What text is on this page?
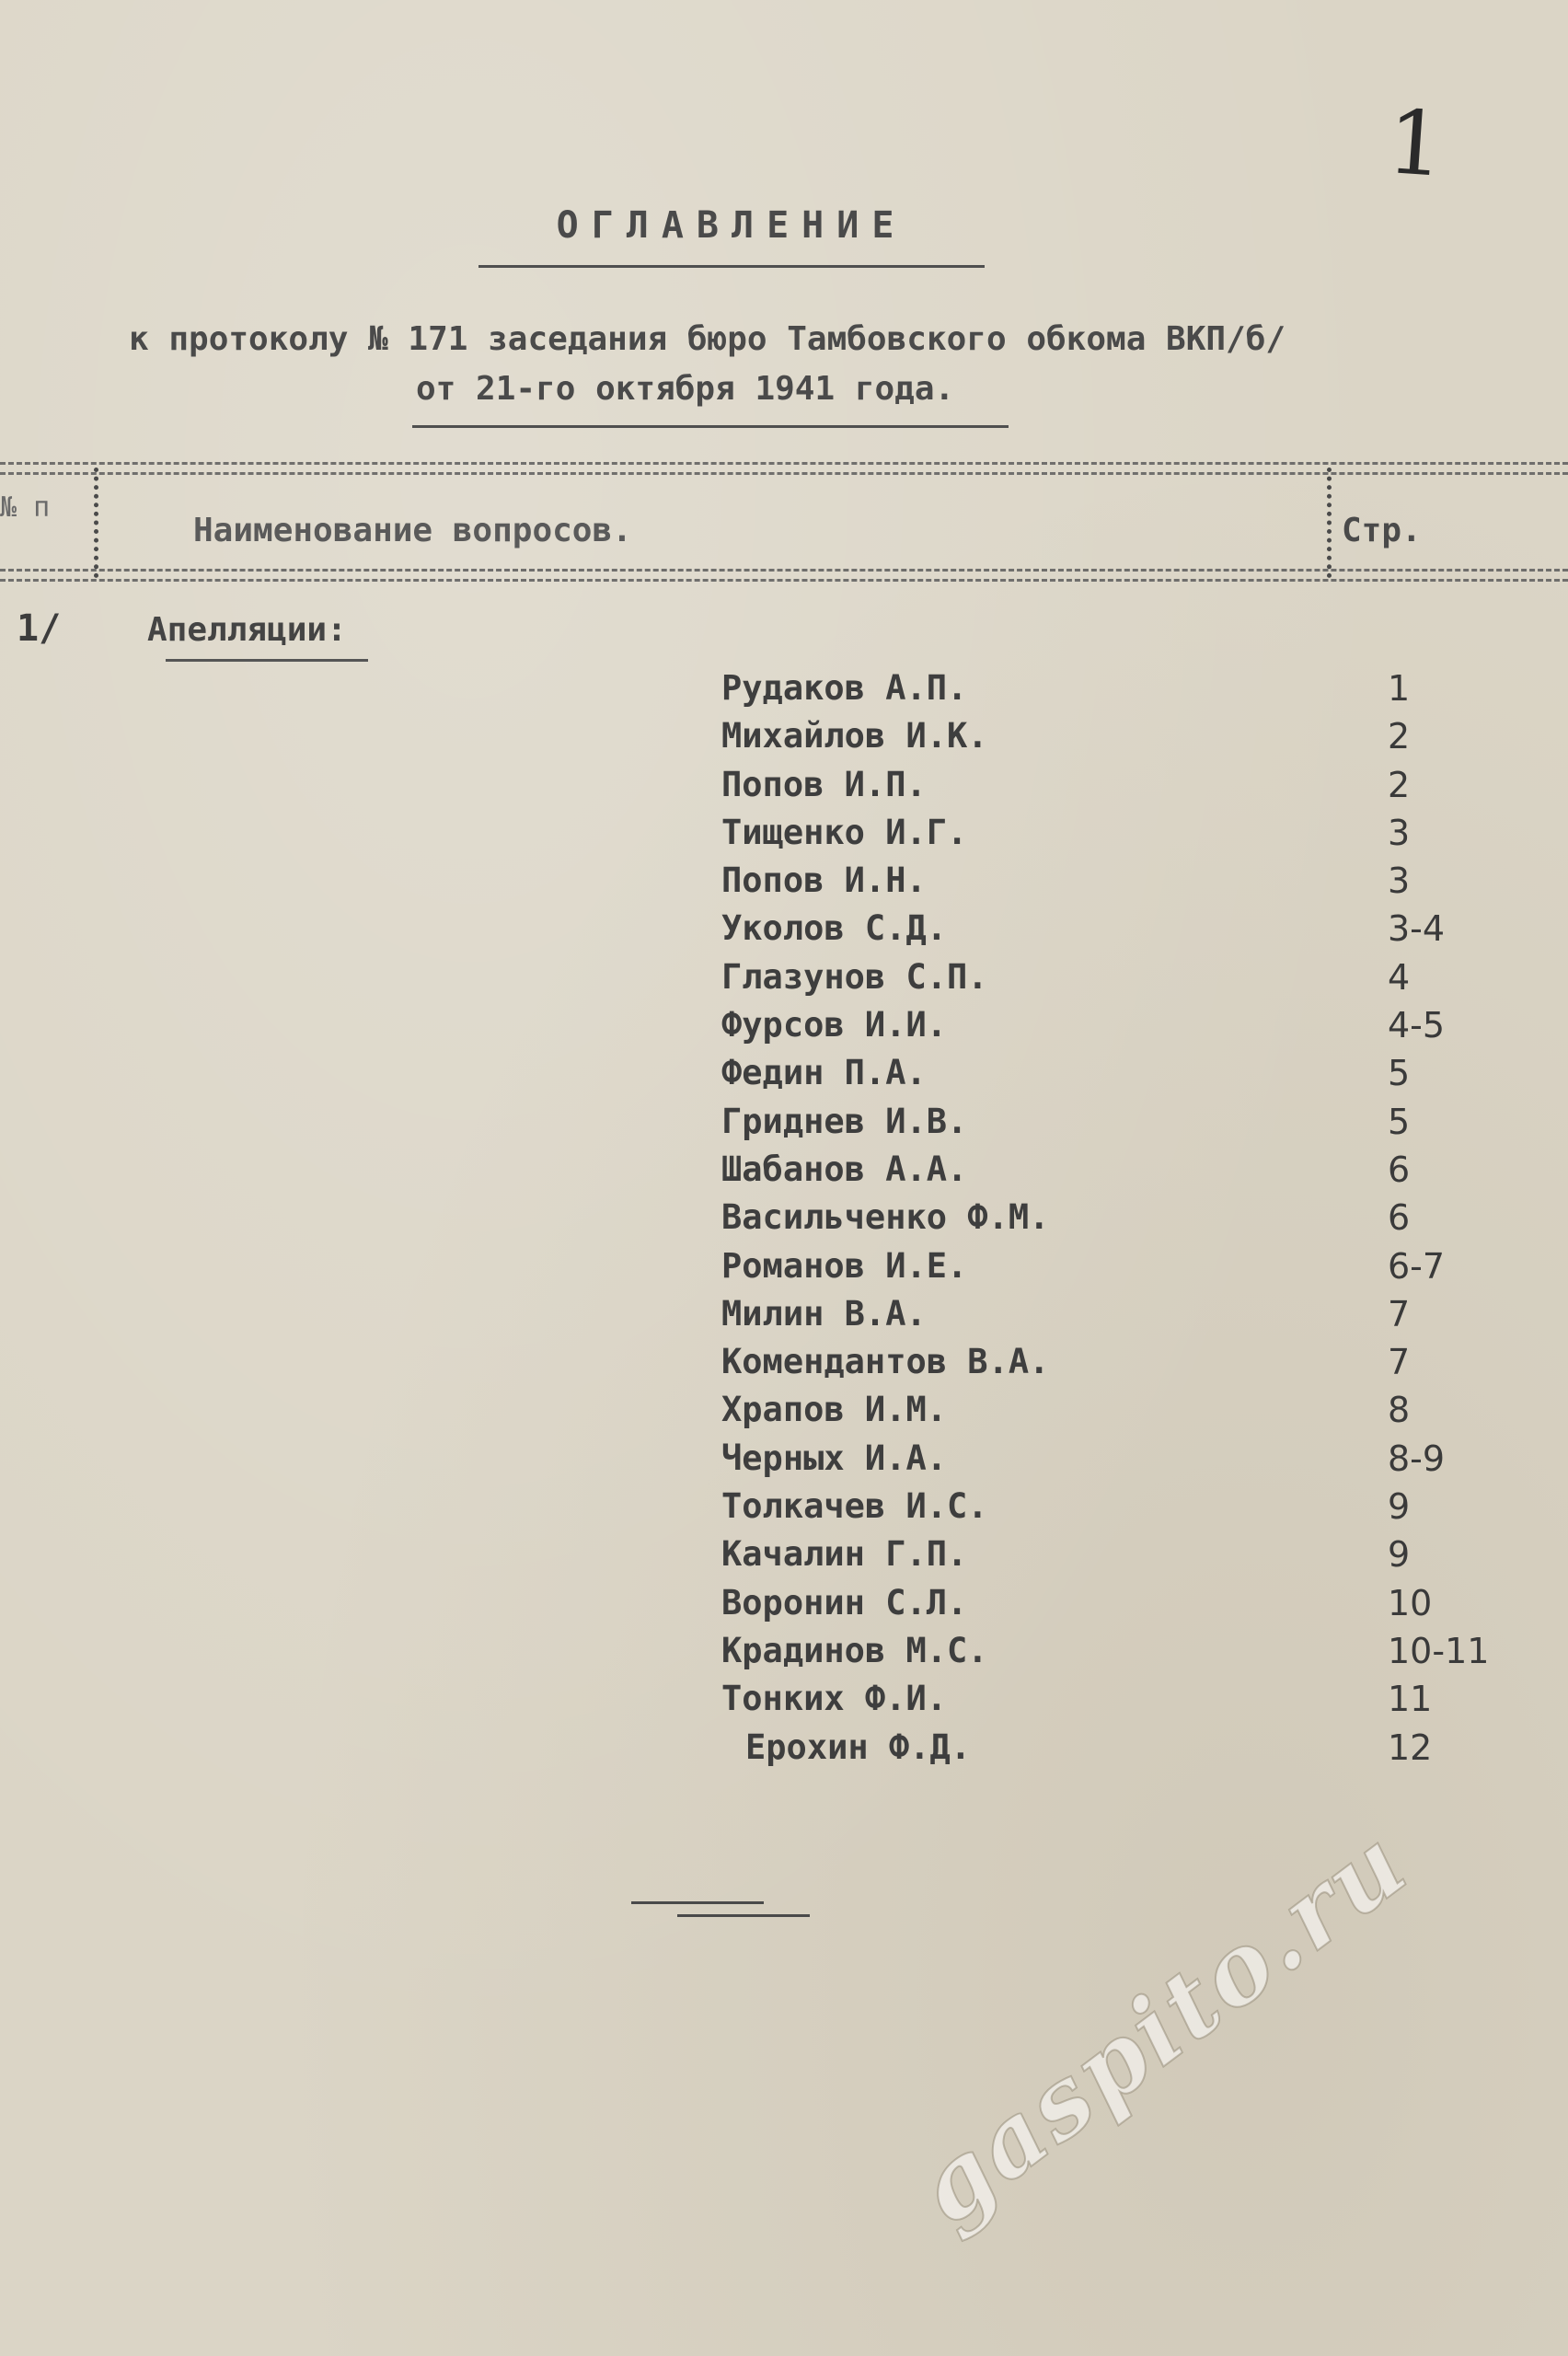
1
ОГЛАВЛЕНИЕ
к протоколу № 171 заседания бюро Тамбовского обкома ВКП/б/
от 21-го октября 1941 года.
№ п
Наименование вопросов.	Стр.
1/	Апелляции:
Рудаков А.П.	1
Михайлов И.К.	2
Попов И.П.	2
Тищенко И.Г.	3
Попов И.Н.	3
Уколов С.Д.	3-4
Глазунов С.П.	4
Фурсов И.И.	4-5
Федин П.А.	5
Гриднев И.В.	5
Шабанов А.А.	6
Васильченко Ф.М.	6
Романов И.Е.	6-7
Милин В.А.	7
Комендантов В.А.	7
Храпов И.М.	8
Черных И.А.	8-9
Толкачев И.С.	9
Качалин Г.П.	9
Воронин С.Л.	10
Крадинов М.С.	10-11
Тонких Ф.И.	11
Ерохин Ф.Д.	12
gaspito.ru
